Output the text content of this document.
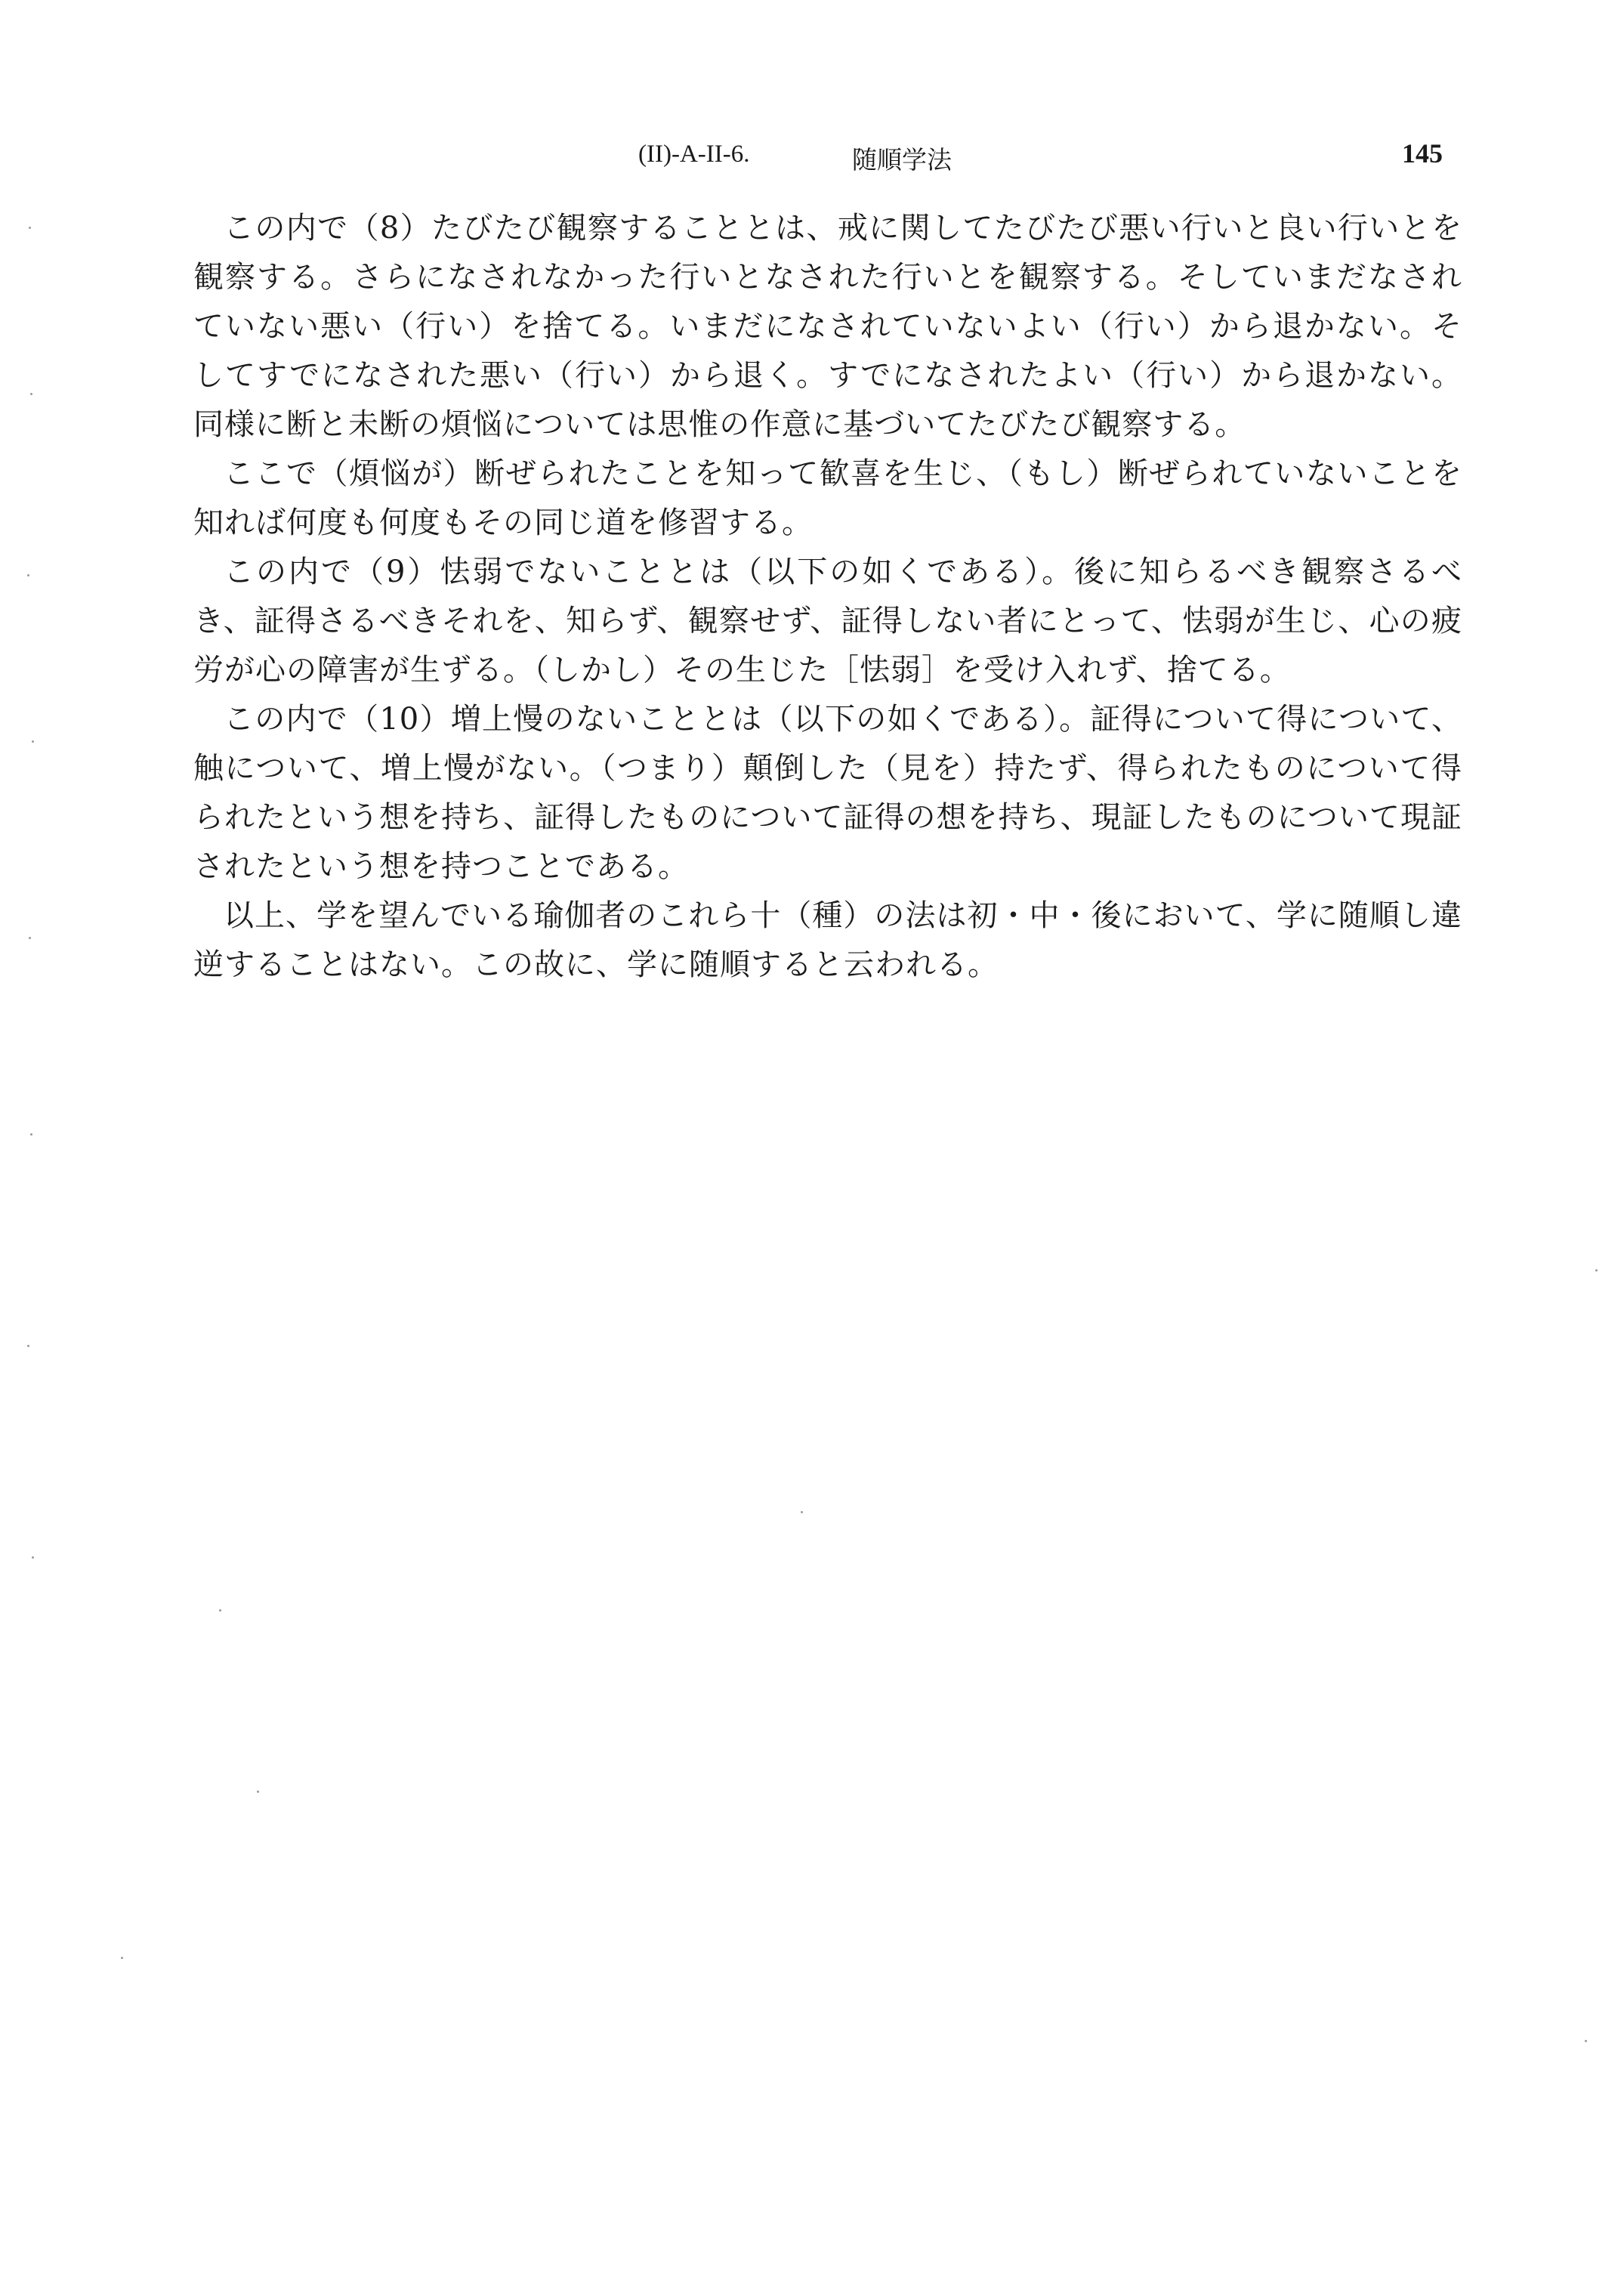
(II)-A-II-6.	随順学法	145

この内で（8）たびたび観察することとは、戒に関してたびたび悪い行いと良い行いとを観察する。さらになされなかった行いとなされた行いとを観察する。そしていまだなされていない悪い（行い）を捨てる。いまだになされていないよい（行い）から退かない。そしてすでになされた悪い（行い）から退く。すでになされたよい（行い）から退かない。同様に断と未断の煩悩については思惟の作意に基づいてたびたび観察する。

ここで（煩悩が）断ぜられたことを知って歓喜を生じ、（もし）断ぜられていないことを知れば何度も何度もその同じ道を修習する。

この内で（9）怯弱でないこととは（以下の如くである）。後に知らるべき観察さるべき、証得さるべきそれを、知らず、観察せず、証得しない者にとって、怯弱が生じ、心の疲労が心の障害が生ずる。（しかし）その生じた［怯弱］を受け入れず、捨てる。

この内で（10）増上慢のないこととは（以下の如くである）。証得について得について、触について、増上慢がない。（つまり）顛倒した（見を）持たず、得られたものについて得られたという想を持ち、証得したものについて証得の想を持ち、現証したものについて現証されたという想を持つことである。

以上、学を望んでいる瑜伽者のこれら十（種）の法は初・中・後において、学に随順し違逆することはない。この故に、学に随順すると云われる。
